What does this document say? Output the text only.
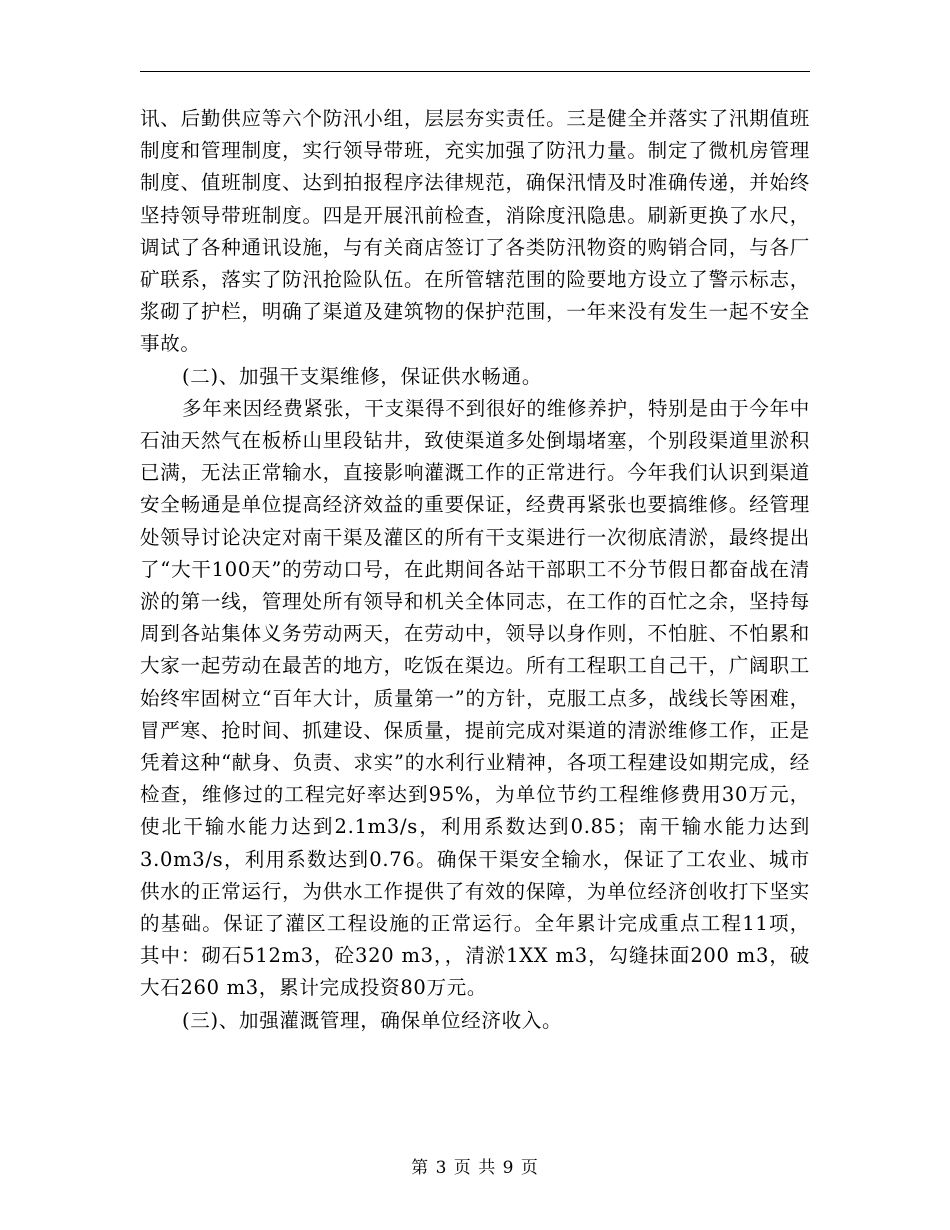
讯、后勤供应等六个防汛小组，层层夯实责任。三是健全并落实了汛期值班制度和管理制度，实行领导带班，充实加强了防汛力量。制定了微机房管理制度、值班制度、达到拍报程序法律规范，确保汛情及时准确传递，并始终坚持领导带班制度。四是开展汛前检查，消除度汛隐患。刷新更换了水尺，调试了各种通讯设施，与有关商店签订了各类防汛物资的购销合同，与各厂矿联系，落实了防汛抢险队伍。在所管辖范围的险要地方设立了警示标志，浆砌了护栏，明确了渠道及建筑物的保护范围，一年来没有发生一起不安全事故。

(二)、加强干支渠维修，保证供水畅通。

多年来因经费紧张，干支渠得不到很好的维修养护，特别是由于今年中石油天然气在板桥山里段钻井，致使渠道多处倒塌堵塞，个别段渠道里淤积已满，无法正常输水，直接影响灌溉工作的正常进行。今年我们认识到渠道安全畅通是单位提高经济效益的重要保证，经费再紧张也要搞维修。经管理处领导讨论决定对南干渠及灌区的所有干支渠进行一次彻底清淤，最终提出了“大干100天”的劳动口号，在此期间各站干部职工不分节假日都奋战在清淤的第一线，管理处所有领导和机关全体同志，在工作的百忙之余，坚持每周到各站集体义务劳动两天，在劳动中，领导以身作则，不怕脏、不怕累和大家一起劳动在最苦的地方，吃饭在渠边。所有工程职工自己干，广阔职工始终牢固树立“百年大计，质量第一”的方针，克服工点多，战线长等困难，冒严寒、抢时间、抓建设、保质量，提前完成对渠道的清淤维修工作，正是凭着这种“献身、负责、求实”的水利行业精神，各项工程建设如期完成，经检查，维修过的工程完好率达到95%，为单位节约工程维修费用30万元，使北干输水能力达到2.1m3/s，利用系数达到0.85；南干输水能力达到3.0m3/s，利用系数达到0.76。确保干渠安全输水，保证了工农业、城市供水的正常运行，为供水工作提供了有效的保障，为单位经济创收打下坚实的基础。保证了灌区工程设施的正常运行。全年累计完成重点工程11项，其中：砌石512m3，砼320 m3，，清淤1XX m3，勾缝抹面200 m3，破大石260 m3，累计完成投资80万元。

(三)、加强灌溉管理，确保单位经济收入。

第 3 页 共 9 页
